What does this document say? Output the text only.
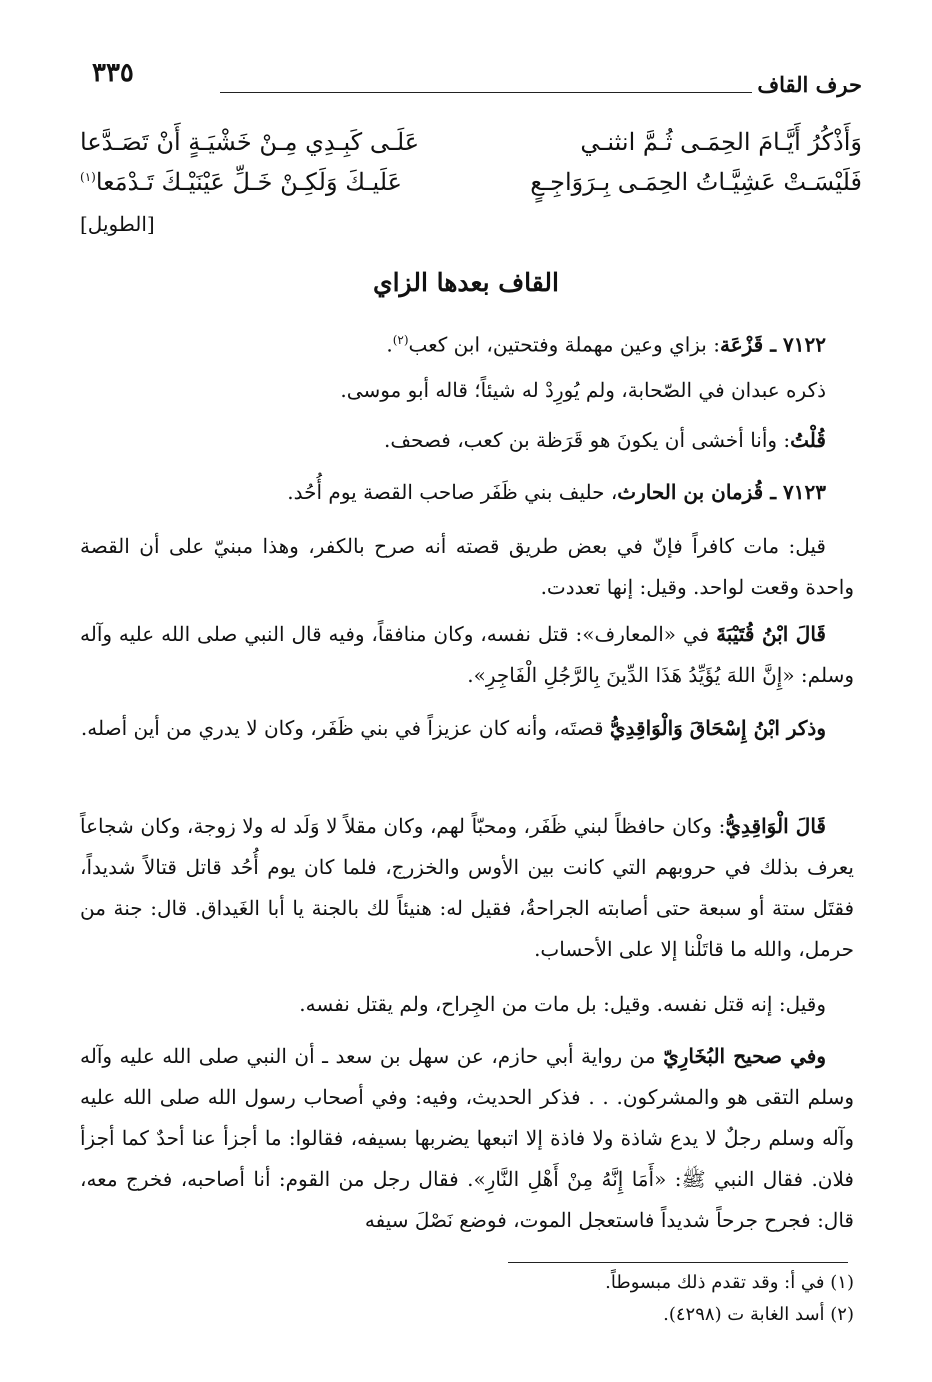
٣٣٥	حرف القاف
وَأَذْكُرُ أَيَّـامَ الحِمَـى ثُـمَّ انثنـي
عَلَـى كَبِـدِي مِـنْ خَشْيَـةٍ أَنْ تَصَـدَّعا
فَلَيْسَـتْ عَشِيَّـاتُ الحِمَـى بِـرَوَاجِـعٍ
عَلَيـكَ وَلَكِـنْ خَـلِّ عَيْنَيْـكَ تَـدْمَعا$^{(١)}$
[الطويل]
القاف بعدها الزاي
٧١٢٢ ـ قَزْعَة: بزاي وعين مهملة وفتحتين، ابن كعب$^{(٢)}$.
ذكره عبدان في الصّحابة، ولم يُورِدْ له شيئاً؛ قاله أبو موسى.
قُلْتُ: وأنا أخشى أن يكونَ هو قَرَظة بن كعب، فصحف.
٧١٢٣ ـ قُزمان بن الحارث، حليف بني ظَفَر صاحب القصة يوم أُحُد.
قيل: مات كافراً فإنّ في بعض طريق قصته أنه صرح بالكفر، وهذا مبنيّ على أن القصة واحدة وقعت لواحد. وقيل: إنها تعددت.
قَالَ ابْنُ قُتَيْبَةَ في «المعارف»: قتل نفسه، وكان منافقاً، وفيه قال النبي صلى الله عليه وآله وسلم: «إِنَّ اللهَ يُؤَيِّدُ هَذَا الدِّينَ بِالرَّجُلِ الْفَاجِرِ».
وذكر ابْنُ إِسْحَاقَ وَالْوَاقِدِيُّ قصتَه، وأنه كان عزيزاً في بني ظَفَر، وكان لا يدري من أين أصله.
قَالَ الْوَاقِدِيُّ: وكان حافظاً لبني ظَفَر، ومحبّاً لهم، وكان مقلاً لا وَلَد له ولا زوجة، وكان شجاعاً يعرف بذلك في حروبهم التي كانت بين الأوس والخزرج، فلما كان يوم أُحُد قاتل قتالاً شديداً، فقتَل ستة أو سبعة حتى أصابته الجراحةُ، فقيل له: هنيئاً لك بالجنة يا أبا الغَيداق. قال: جنة من حرمل، والله ما قاتَلْنا إلا على الأحساب.
وقيل: إنه قتل نفسه. وقيل: بل مات من الجِراح، ولم يقتل نفسه.
وفي صحيح البُخَارِيّ من رواية أبي حازم، عن سهل بن سعد ـ أن النبي صلى الله عليه وآله وسلم التقى هو والمشركون. . . فذكر الحديث، وفيه: وفي أصحاب رسول الله صلى الله عليه وآله وسلم رجلٌ لا يدع شاذة ولا فاذة إلا اتبعها يضربها بسيفه، فقالوا: ما أجزأ عنا أحدٌ كما أجزأ فلان. فقال النبي ﷺ: «أَمَا إِنَّهُ مِنْ أَهْلِ النَّارِ». فقال رجل من القوم: أنا أصاحبه، فخرج معه، قال: فجرح جرحاً شديداً فاستعجل الموت، فوضع نَصْلَ سيفه
(١) في أ: وقد تقدم ذلك مبسوطاً.
(٢) أسد الغابة ت (٤٢٩٨).
